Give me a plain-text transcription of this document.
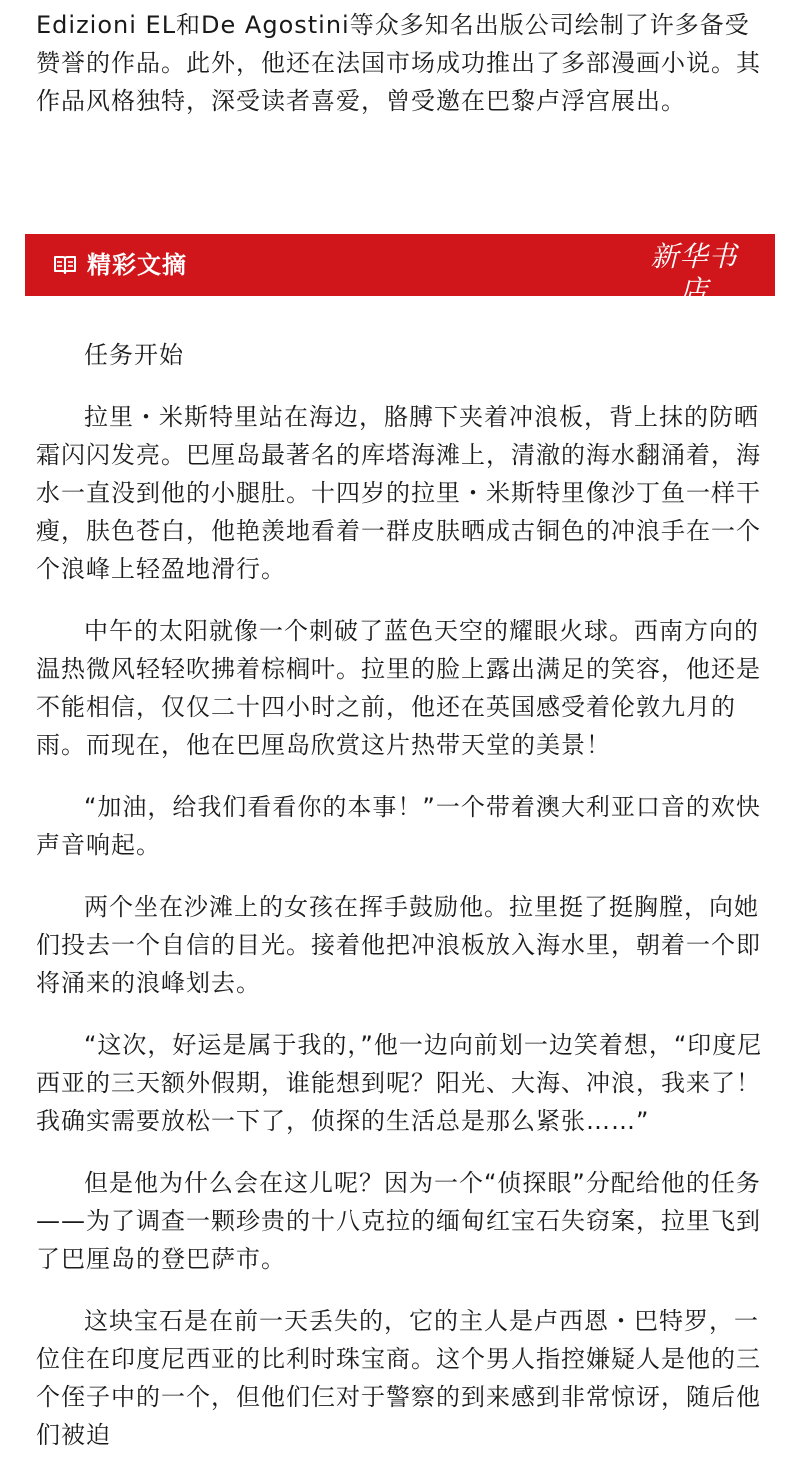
Edizioni EL和De Agostini等众多知名出版公司绘制了许多备受赞誉的作品。此外，他还在法国市场成功推出了多部漫画小说。其作品风格独特，深受读者喜爱，曾受邀在巴黎卢浮宫展出。

精彩文摘	新华书店
XINHUA BOOKSTORE

任务开始

拉里・米斯特里站在海边，胳膊下夹着冲浪板，背上抹的防晒霜闪闪发亮。巴厘岛最著名的库塔海滩上，清澈的海水翻涌着，海水一直没到他的小腿肚。十四岁的拉里・米斯特里像沙丁鱼一样干瘦，肤色苍白，他艳羡地看着一群皮肤晒成古铜色的冲浪手在一个个浪峰上轻盈地滑行。

中午的太阳就像一个刺破了蓝色天空的耀眼火球。西南方向的温热微风轻轻吹拂着棕榈叶。拉里的脸上露出满足的笑容，他还是不能相信，仅仅二十四小时之前，他还在英国感受着伦敦九月的雨。而现在，他在巴厘岛欣赏这片热带天堂的美景！

“加油，给我们看看你的本事！”一个带着澳大利亚口音的欢快声音响起。

两个坐在沙滩上的女孩在挥手鼓励他。拉里挺了挺胸膛，向她们投去一个自信的目光。接着他把冲浪板放入海水里，朝着一个即将涌来的浪峰划去。

“这次，好运是属于我的，”他一边向前划一边笑着想，“印度尼西亚的三天额外假期，谁能想到呢？阳光、大海、冲浪，我来了！我确实需要放松一下了，侦探的生活总是那么紧张……”

但是他为什么会在这儿呢？因为一个“侦探眼”分配给他的任务——为了调查一颗珍贵的十八克拉的缅甸红宝石失窃案，拉里飞到了巴厘岛的登巴萨市。

这块宝石是在前一天丢失的，它的主人是卢西恩・巴特罗，一位住在印度尼西亚的比利时珠宝商。这个男人指控嫌疑人是他的三个侄子中的一个，但他们仨对于警察的到来感到非常惊讶，随后他们被迫
